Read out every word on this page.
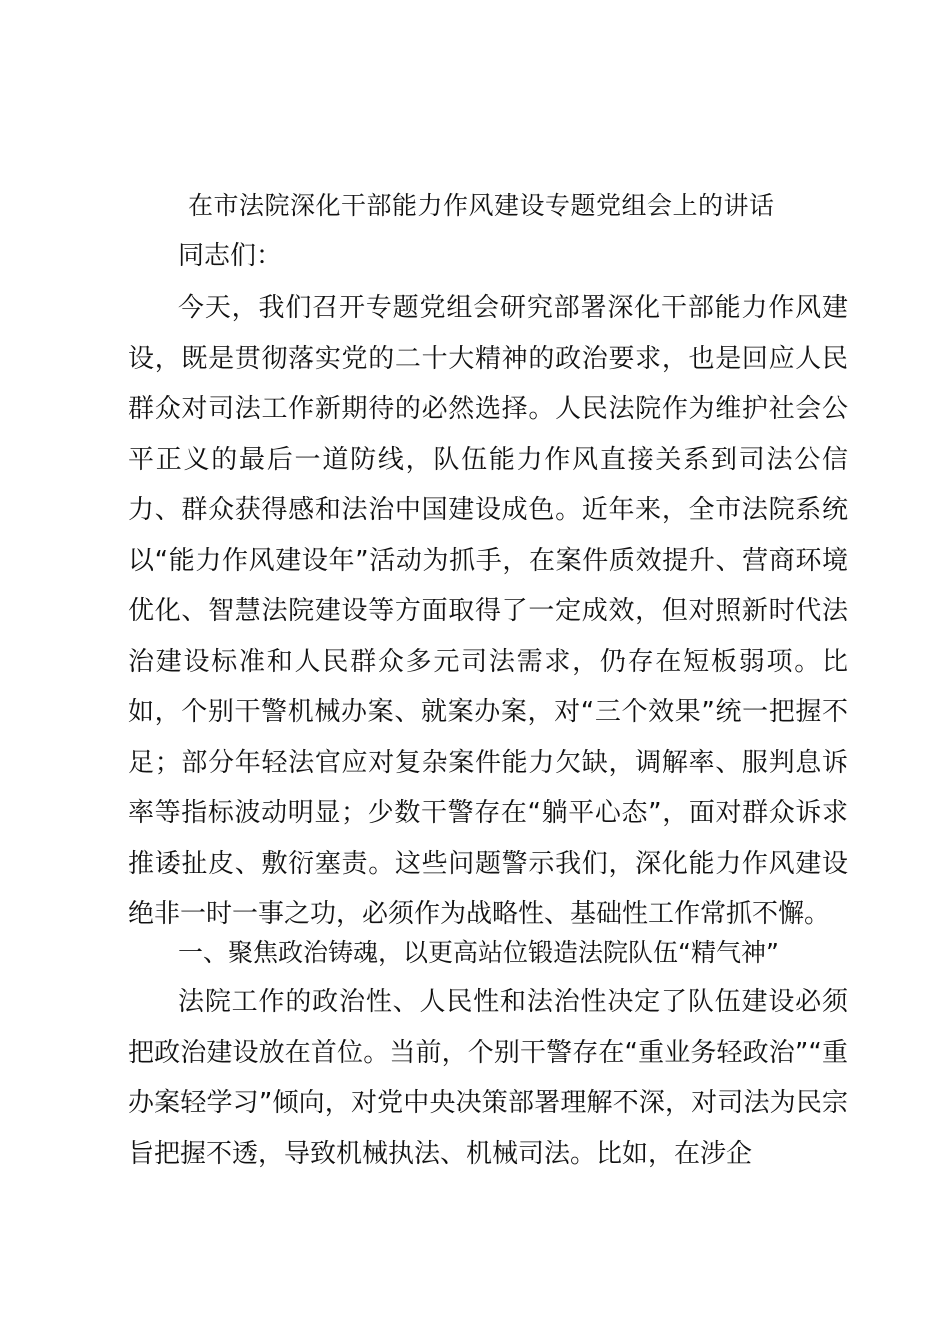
在市法院深化干部能力作风建设专题党组会上的讲话
同志们：

今天，我们召开专题党组会研究部署深化干部能力作风建设，既是贯彻落实党的二十大精神的政治要求，也是回应人民群众对司法工作新期待的必然选择。人民法院作为维护社会公平正义的最后一道防线，队伍能力作风直接关系到司法公信力、群众获得感和法治中国建设成色。近年来，全市法院系统以“能力作风建设年”活动为抓手，在案件质效提升、营商环境优化、智慧法院建设等方面取得了一定成效，但对照新时代法治建设标准和人民群众多元司法需求，仍存在短板弱项。比如，个别干警机械办案、就案办案，对“三个效果”统一把握不足；部分年轻法官应对复杂案件能力欠缺，调解率、服判息诉率等指标波动明显；少数干警存在“躺平心态”，面对群众诉求推诿扯皮、敷衍塞责。这些问题警示我们，深化能力作风建设绝非一时一事之功，必须作为战略性、基础性工作常抓不懈。

一、聚焦政治铸魂，以更高站位锻造法院队伍“精气神”

法院工作的政治性、人民性和法治性决定了队伍建设必须把政治建设放在首位。当前，个别干警存在“重业务轻政治”“重办案轻学习”倾向，对党中央决策部署理解不深，对司法为民宗旨把握不透，导致机械执法、机械司法。比如，在涉企
